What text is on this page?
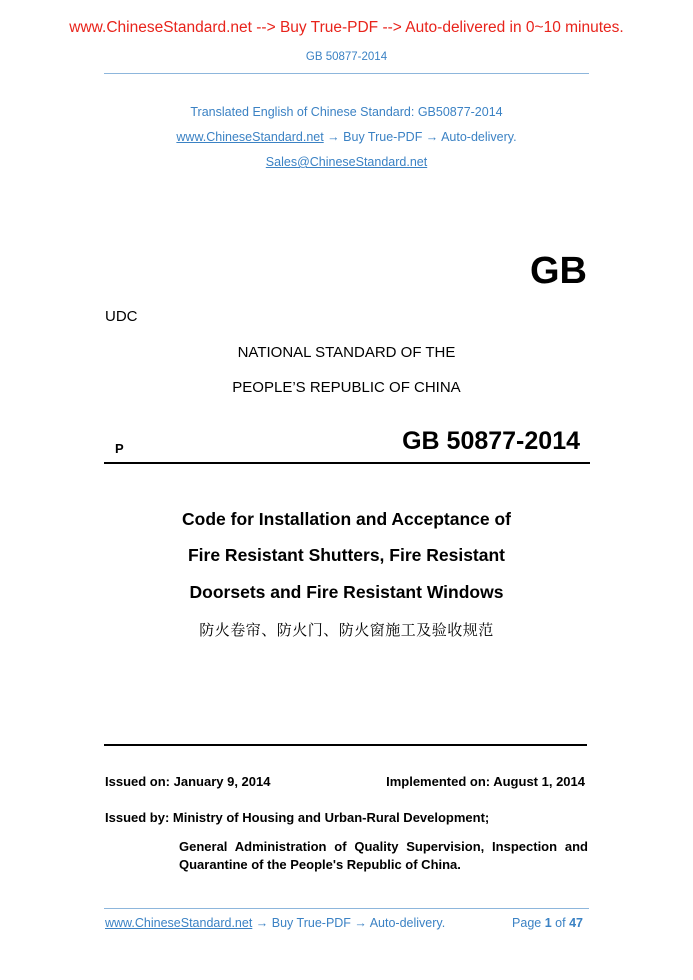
www.ChineseStandard.net --> Buy True-PDF --> Auto-delivered in 0~10 minutes.
GB 50877-2014
Translated English of Chinese Standard: GB50877-2014
www.ChineseStandard.net → Buy True-PDF → Auto-delivery.
Sales@ChineseStandard.net
GB
UDC
NATIONAL STANDARD OF THE
PEOPLE’S REPUBLIC OF CHINA
P	GB 50877-2014
Code for Installation and Acceptance of
Fire Resistant Shutters, Fire Resistant
Doorsets and Fire Resistant Windows
防火卷帘、防火门、防火窗施工及验收规范
Issued on: January 9, 2014	Implemented on: August 1, 2014
Issued by: Ministry of Housing and Urban-Rural Development;
General Administration of Quality Supervision, Inspection and Quarantine of the People's Republic of China.
www.ChineseStandard.net → Buy True-PDF → Auto-delivery.	Page 1 of 47
